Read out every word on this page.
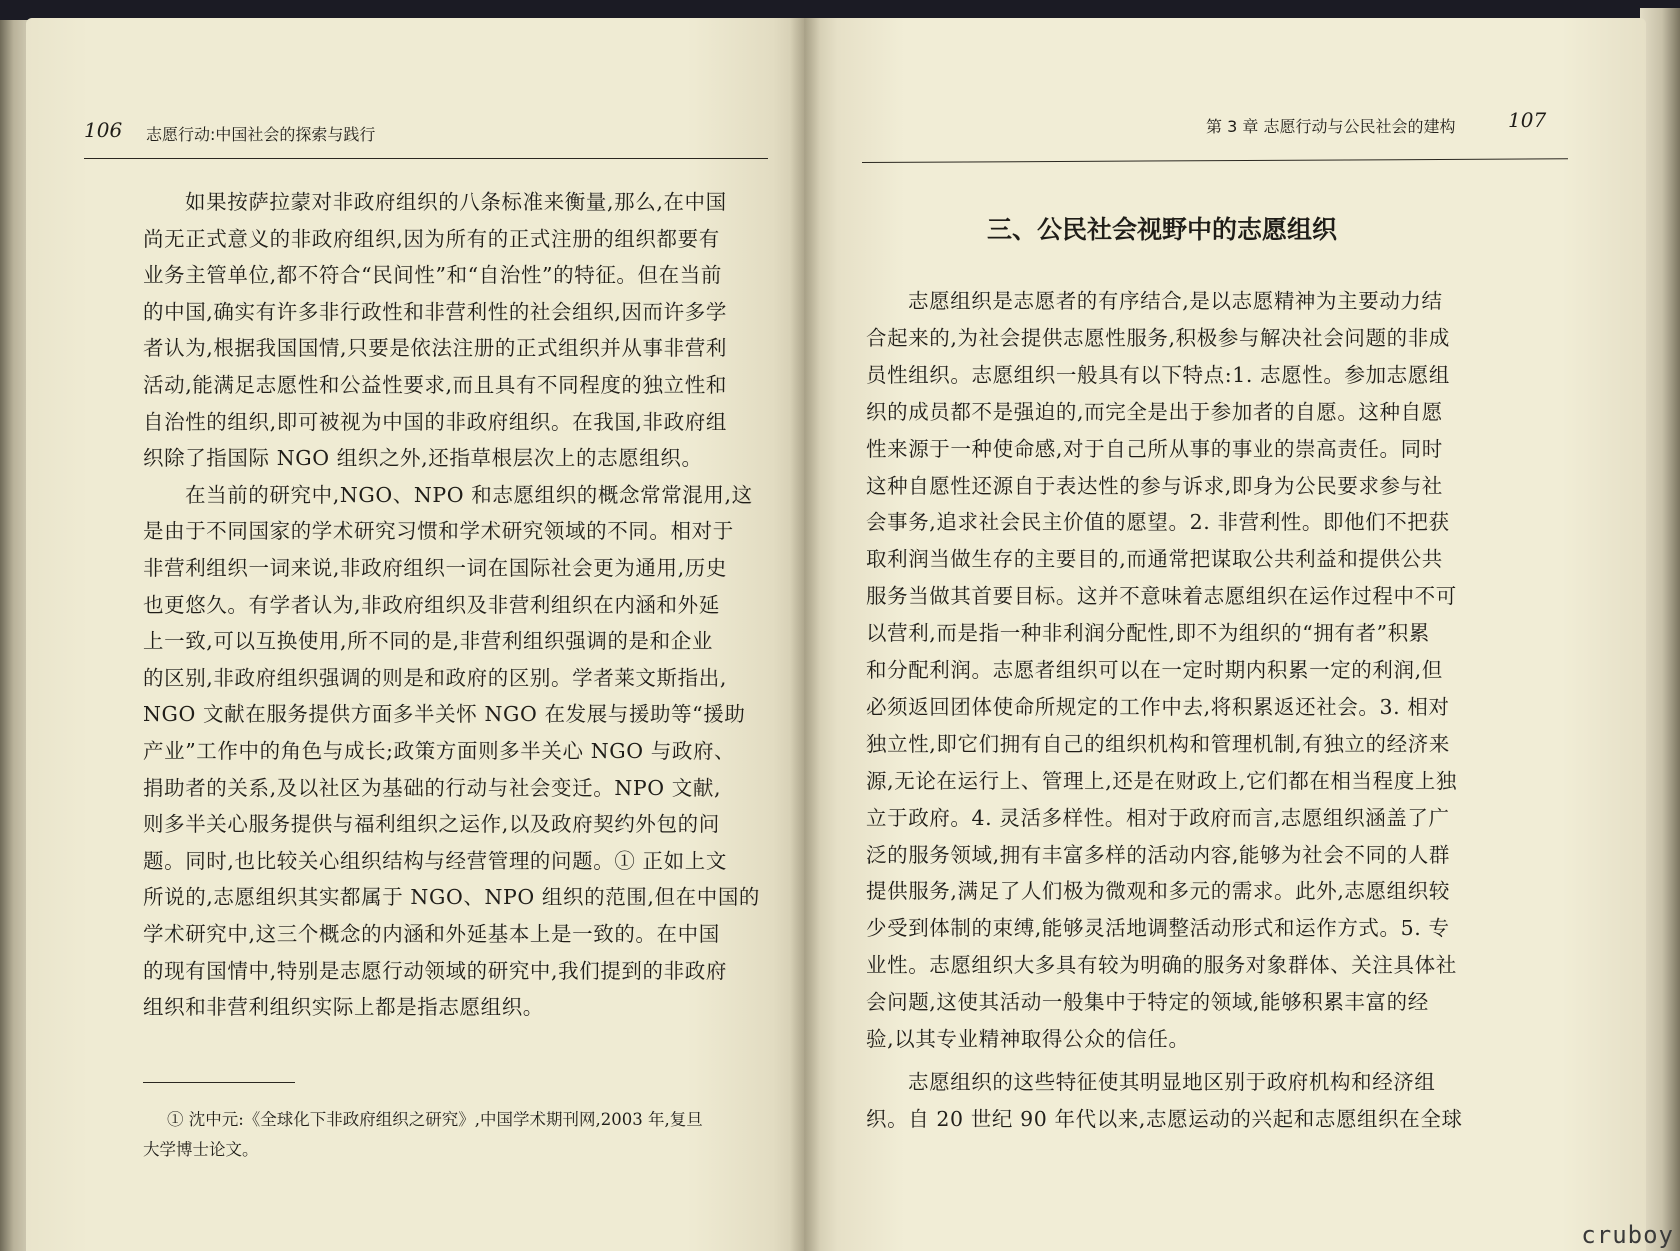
106 志愿行动:中国社会的探索与践行
如果按萨拉蒙对非政府组织的八条标准来衡量,那么,在中国
尚无正式意义的非政府组织,因为所有的正式注册的组织都要有
业务主管单位,都不符合“民间性”和“自治性”的特征。但在当前
的中国,确实有许多非行政性和非营利性的社会组织,因而许多学
者认为,根据我国国情,只要是依法注册的正式组织并从事非营利
活动,能满足志愿性和公益性要求,而且具有不同程度的独立性和
自治性的组织,即可被视为中国的非政府组织。在我国,非政府组
织除了指国际 NGO 组织之外,还指草根层次上的志愿组织。
在当前的研究中,NGO、NPO 和志愿组织的概念常常混用,这
是由于不同国家的学术研究习惯和学术研究领域的不同。相对于
非营利组织一词来说,非政府组织一词在国际社会更为通用,历史
也更悠久。有学者认为,非政府组织及非营利组织在内涵和外延
上一致,可以互换使用,所不同的是,非营利组织强调的是和企业
的区别,非政府组织强调的则是和政府的区别。学者莱文斯指出,
NGO 文献在服务提供方面多半关怀 NGO 在发展与援助等“援助
产业”工作中的角色与成长;政策方面则多半关心 NGO 与政府、
捐助者的关系,及以社区为基础的行动与社会变迁。NPO 文献,
则多半关心服务提供与福利组织之运作,以及政府契约外包的问
题。同时,也比较关心组织结构与经营管理的问题。① 正如上文
所说的,志愿组织其实都属于 NGO、NPO 组织的范围,但在中国的
学术研究中,这三个概念的内涵和外延基本上是一致的。在中国
的现有国情中,特别是志愿行动领域的研究中,我们提到的非政府
组织和非营利组织实际上都是指志愿组织。
① 沈中元:《全球化下非政府组织之研究》,中国学术期刊网,2003 年,复旦
大学博士论文。
第 3 章 志愿行动与公民社会的建构	107
三、公民社会视野中的志愿组织
志愿组织是志愿者的有序结合,是以志愿精神为主要动力结
合起来的,为社会提供志愿性服务,积极参与解决社会问题的非成
员性组织。志愿组织一般具有以下特点:1. 志愿性。参加志愿组
织的成员都不是强迫的,而完全是出于参加者的自愿。这种自愿
性来源于一种使命感,对于自己所从事的事业的崇高责任。同时
这种自愿性还源自于表达性的参与诉求,即身为公民要求参与社
会事务,追求社会民主价值的愿望。2. 非营利性。即他们不把获
取利润当做生存的主要目的,而通常把谋取公共利益和提供公共
服务当做其首要目标。这并不意味着志愿组织在运作过程中不可
以营利,而是指一种非利润分配性,即不为组织的“拥有者”积累
和分配利润。志愿者组织可以在一定时期内积累一定的利润,但
必须返回团体使命所规定的工作中去,将积累返还社会。3. 相对
独立性,即它们拥有自己的组织机构和管理机制,有独立的经济来
源,无论在运行上、管理上,还是在财政上,它们都在相当程度上独
立于政府。4. 灵活多样性。相对于政府而言,志愿组织涵盖了广
泛的服务领域,拥有丰富多样的活动内容,能够为社会不同的人群
提供服务,满足了人们极为微观和多元的需求。此外,志愿组织较
少受到体制的束缚,能够灵活地调整活动形式和运作方式。5. 专
业性。志愿组织大多具有较为明确的服务对象群体、关注具体社
会问题,这使其活动一般集中于特定的领域,能够积累丰富的经
验,以其专业精神取得公众的信任。
志愿组织的这些特征使其明显地区别于政府机构和经济组
织。自 20 世纪 90 年代以来,志愿运动的兴起和志愿组织在全球
cruboy
